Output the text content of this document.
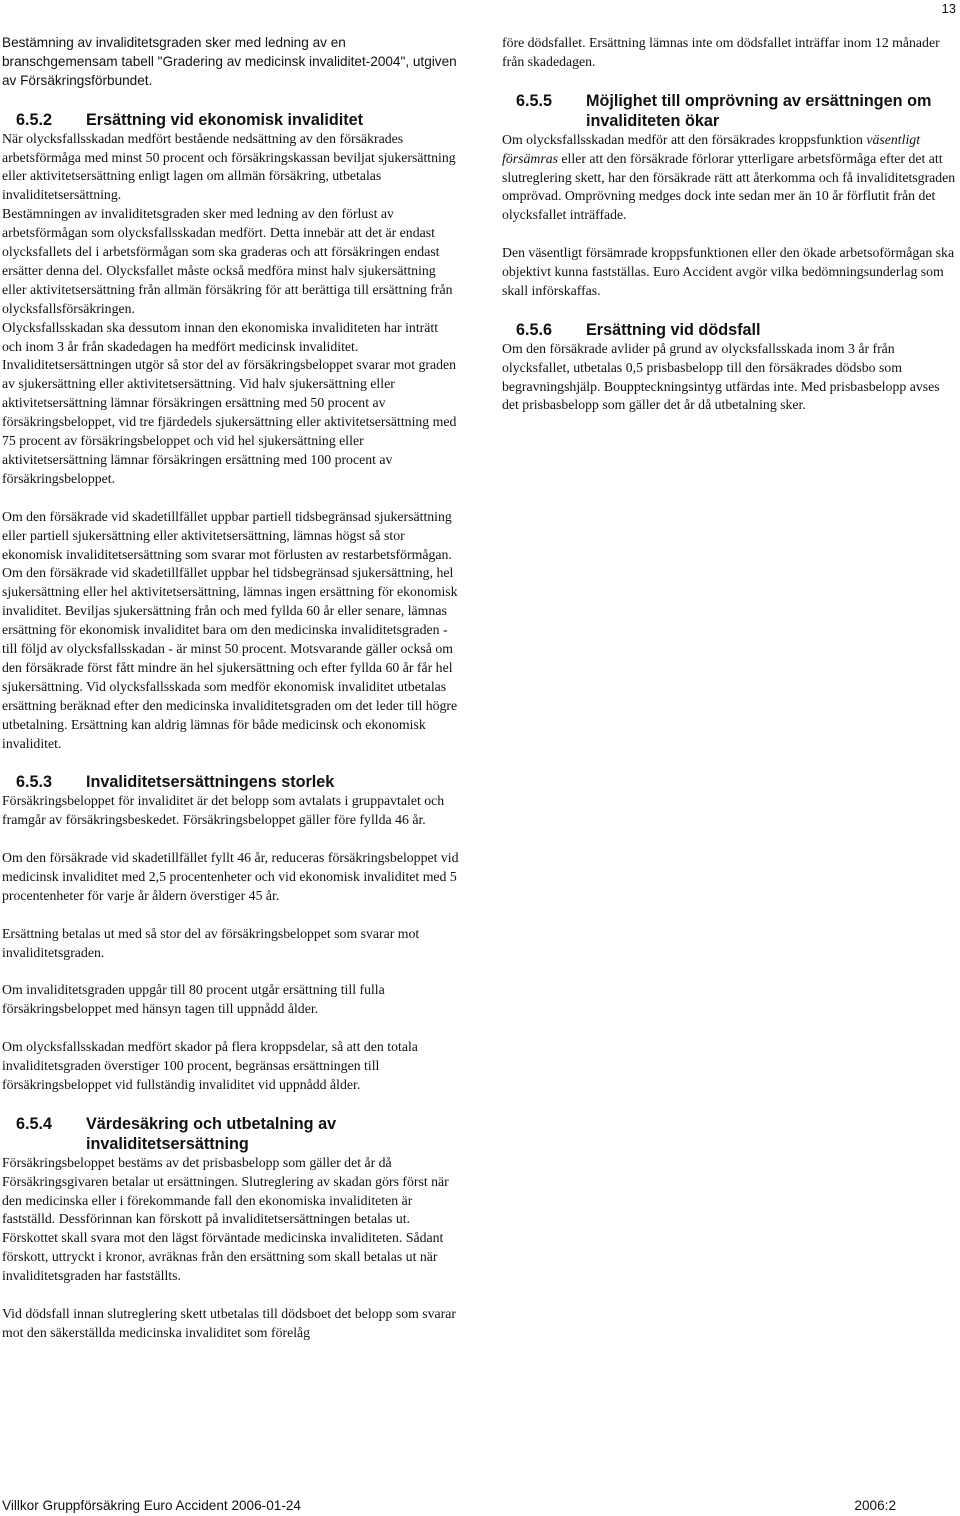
13

Bestämning av invaliditetsgraden sker med ledning av en branschgemensam tabell "Gradering av medicinsk invaliditet-2004", utgiven av Försäkringsförbundet.

6.5.2	Ersättning vid ekonomisk invaliditet

När olycksfallsskadan medfört bestående nedsättning av den försäkrades arbetsförmåga med minst 50 procent och försäkringskassan beviljat sjukersättning eller aktivitetsersättning enligt lagen om allmän försäkring, utbetalas invaliditetsersättning.

Bestämningen av invaliditetsgraden sker med ledning av den förlust av arbetsförmågan som olycksfallsskadan medfört. Detta innebär att det är endast olycksfallets del i arbetsförmågan som ska graderas och att försäkringen endast ersätter denna del. Olycksfallet måste också medföra minst halv sjukersättning eller aktivitetsersättning från allmän försäkring för att berättiga till ersättning från olycksfallsförsäkringen.

Olycksfallsskadan ska dessutom innan den ekonomiska invaliditeten har inträtt och inom 3 år från skadedagen ha medfört medicinsk invaliditet.

Invaliditetsersättningen utgör så stor del av försäkringsbeloppet svarar mot graden av sjukersättning eller aktivitetsersättning. Vid halv sjukersättning eller aktivitetsersättning lämnar försäkringen ersättning med 50 procent av försäkringsbeloppet, vid tre fjärdedels sjukersättning eller aktivitetsersättning med 75 procent av försäkringsbeloppet och vid hel sjukersättning eller aktivitetsersättning lämnar försäkringen ersättning med 100 procent av försäkringsbeloppet.

Om den försäkrade vid skadetillfället uppbar partiell tidsbegränsad sjukersättning eller partiell sjukersättning eller aktivitetsersättning, lämnas högst så stor ekonomisk invaliditetsersättning som svarar mot förlusten av restarbetsförmågan. Om den försäkrade vid skadetillfället uppbar hel tidsbegränsad sjukersättning, hel sjukersättning eller hel aktivitetsersättning, lämnas ingen ersättning för ekonomisk invaliditet. Beviljas sjukersättning från och med fyllda 60 år eller senare, lämnas ersättning för ekonomisk invaliditet bara om den medicinska invaliditetsgraden - till följd av olycksfallsskadan - är minst 50 procent. Motsvarande gäller också om den försäkrade först fått mindre än hel sjukersättning och efter fyllda 60 år får hel sjukersättning. Vid olycksfallsskada som medför ekonomisk invaliditet utbetalas ersättning beräknad efter den medicinska invaliditetsgraden om det leder till högre utbetalning. Ersättning kan aldrig lämnas för både medicinsk och ekonomisk invaliditet.

6.5.3	Invaliditetsersättningens storlek

Försäkringsbeloppet för invaliditet är det belopp som avtalats i gruppavtalet och framgår av försäkringsbeskedet. Försäkringsbeloppet gäller före fyllda 46 år.

Om den försäkrade vid skadetillfället fyllt 46 år, reduceras försäkringsbeloppet vid medicinsk invaliditet med 2,5 procentenheter och vid ekonomisk invaliditet med 5 procentenheter för varje år åldern överstiger 45 år.

Ersättning betalas ut med så stor del av försäkringsbeloppet som svarar mot invaliditetsgraden.

Om invaliditetsgraden uppgår till 80 procent utgår ersättning till fulla försäkringsbeloppet med hänsyn tagen till uppnådd ålder.

Om olycksfallsskadan medfört skador på flera kroppsdelar, så att den totala invaliditetsgraden överstiger 100 procent, begränsas ersättningen till försäkringsbeloppet vid fullständig invaliditet vid uppnådd ålder.

6.5.4	Värdesäkring och utbetalning av invaliditetsersättning

Försäkringsbeloppet bestäms av det prisbasbelopp som gäller det år då Försäkringsgivaren betalar ut ersättningen. Slutreglering av skadan görs först när den medicinska eller i förekommande fall den ekonomiska invaliditeten är fastställd. Dessförinnan kan förskott på invaliditetsersättningen betalas ut. Förskottet skall svara mot den lägst förväntade medicinska invaliditeten. Sådant förskott, uttryckt i kronor, avräknas från den ersättning som skall betalas ut när invaliditetsgraden har fastställts.

Vid dödsfall innan slutreglering skett utbetalas till dödsboet det belopp som svarar mot den säkerställda medicinska invaliditet som förelåg

före dödsfallet. Ersättning lämnas inte om dödsfallet inträffar inom 12 månader från skadedagen.

6.5.5	Möjlighet till omprövning av ersättningen om invaliditeten ökar

Om olycksfallsskadan medför att den försäkrades kroppsfunktion väsentligt försämras eller att den försäkrade förlorar ytterligare arbetsförmåga efter det att slutreglering skett, har den försäkrade rätt att återkomma och få invaliditetsgraden omprövad. Omprövning medges dock inte sedan mer än 10 år förflutit från det olycksfallet inträffade.

Den väsentligt försämrade kroppsfunktionen eller den ökade arbetsoförmågan ska objektivt kunna fastställas. Euro Accident avgör vilka bedömningsunderlag som skall införskaffas.

6.5.6	Ersättning vid dödsfall

Om den försäkrade avlider på grund av olycksfallsskada inom 3 år från olycksfallet, utbetalas 0,5 prisbasbelopp till den försäkrades dödsbo som begravningshjälp. Bouppteckningsintyg utfärdas inte. Med prisbasbelopp avses det prisbasbelopp som gäller det år då utbetalning sker.

Villkor Gruppförsäkring Euro Accident 2006-01-24	2006:2
